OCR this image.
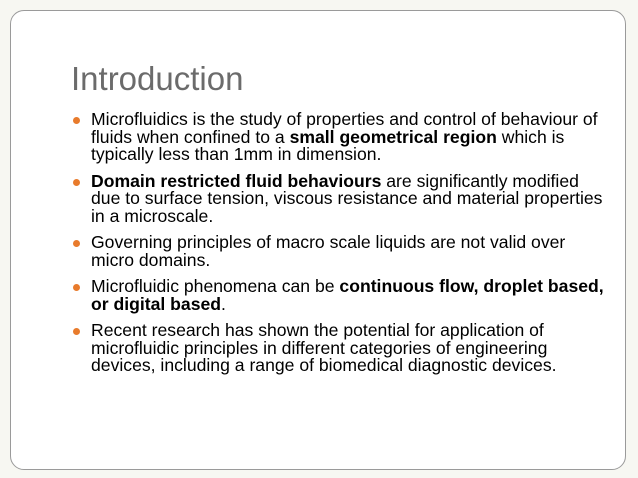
Introduction
Microfluidics is the study of properties and control of behaviour of fluids when confined to a small geometrical region which is typically less than 1mm in dimension.
Domain restricted fluid behaviours are significantly modified due to surface tension, viscous resistance and material properties in a microscale.
Governing principles of macro scale liquids are not valid over micro domains.
Microfluidic phenomena can be continuous flow, droplet based, or digital based.
Recent research has shown the potential for application of microfluidic principles in different categories of engineering devices, including a range of biomedical diagnostic devices.
